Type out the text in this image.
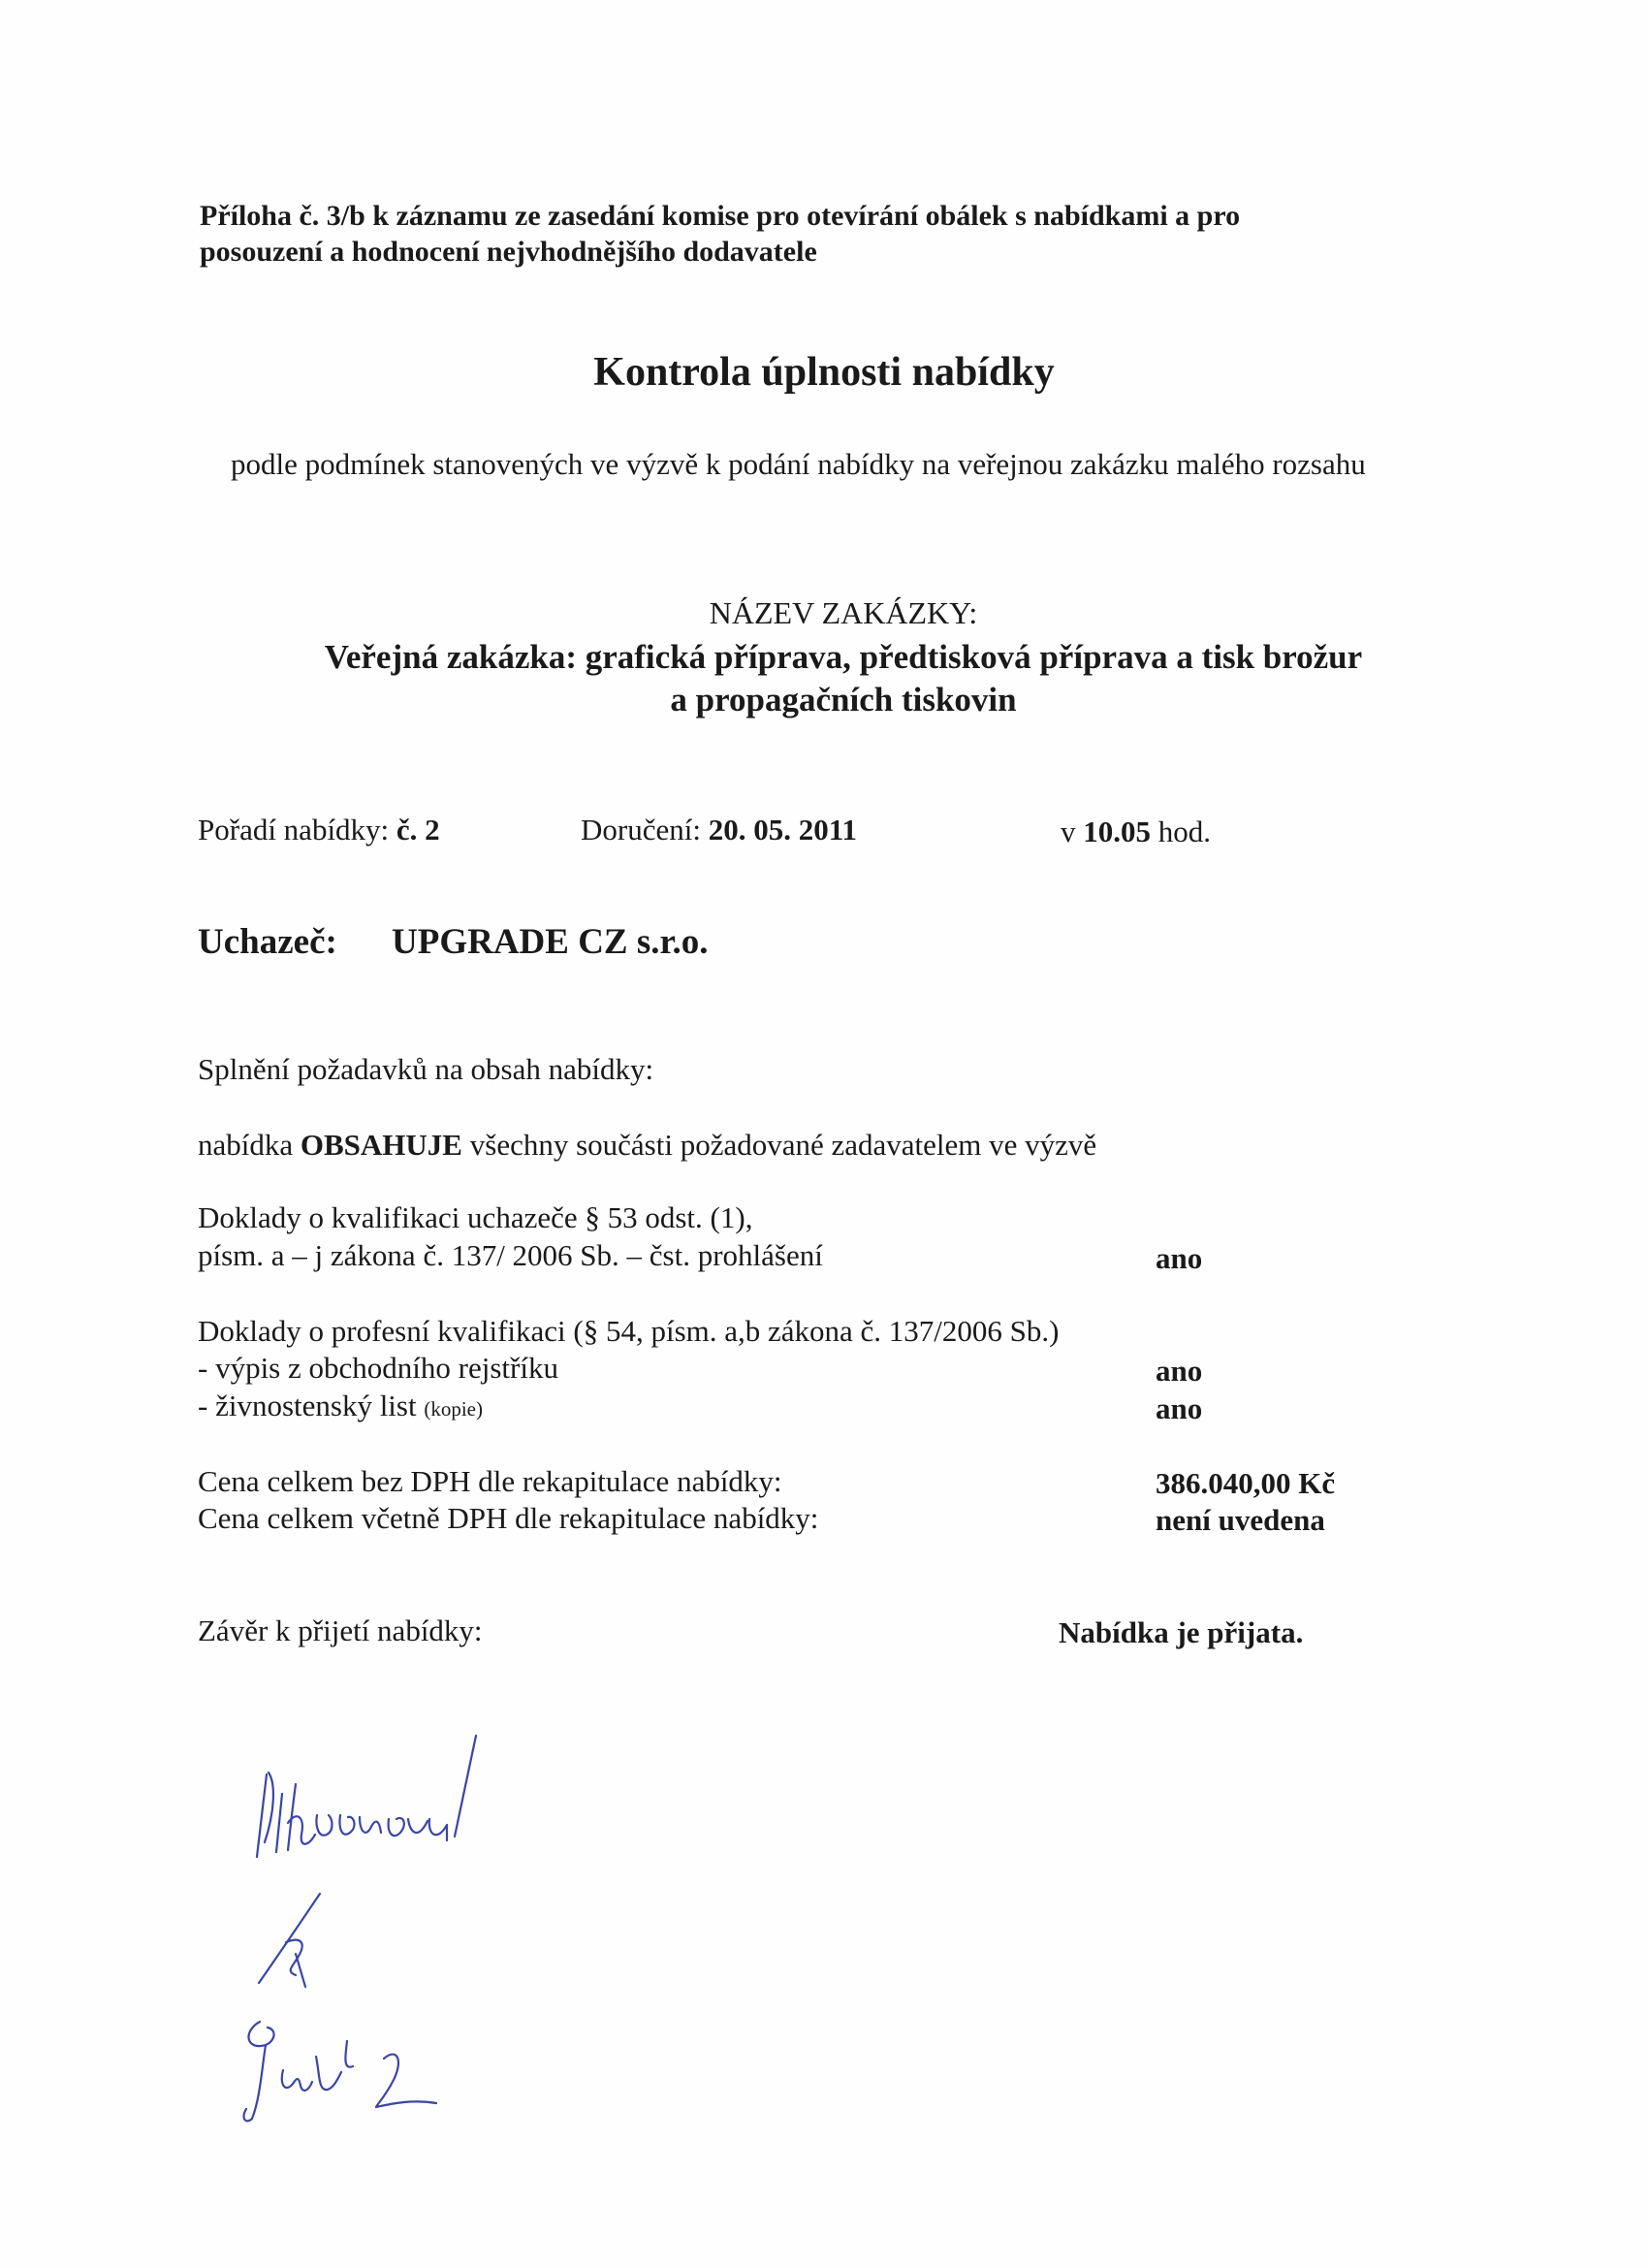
Příloha č. 3/b k záznamu ze zasedání komise pro otevírání obálek s nabídkami a pro
posouzení a hodnocení nejvhodnějšího dodavatele
Kontrola úplnosti nabídky
podle podmínek stanovených ve výzvě k podání nabídky na veřejnou zakázku malého rozsahu
NÁZEV ZAKÁZKY:
Veřejná zakázka: grafická příprava, předtisková příprava a tisk brožur
a propagačních tiskovin
Pořadí nabídky: č. 2	Doručení: 20. 05. 2011	v 10.05 hod.
Uchazeč: UPGRADE CZ s.r.o.
Splnění požadavků na obsah nabídky:
nabídka OBSAHUJE všechny součásti požadované zadavatelem ve výzvě
Doklady o kvalifikaci uchazeče § 53 odst. (1),
písm. a – j zákona č. 137/ 2006 Sb. – čst. prohlášení	ano
Doklady o profesní kvalifikaci (§ 54, písm. a,b zákona č. 137/2006 Sb.)
- výpis z obchodního rejstříku	ano
- živnostenský list (kopie)	ano
Cena celkem bez DPH dle rekapitulace nabídky:	386.040,00 Kč
Cena celkem včetně DPH dle rekapitulace nabídky:	není uvedena
Závěr k přijetí nabídky:	Nabídka je přijata.
